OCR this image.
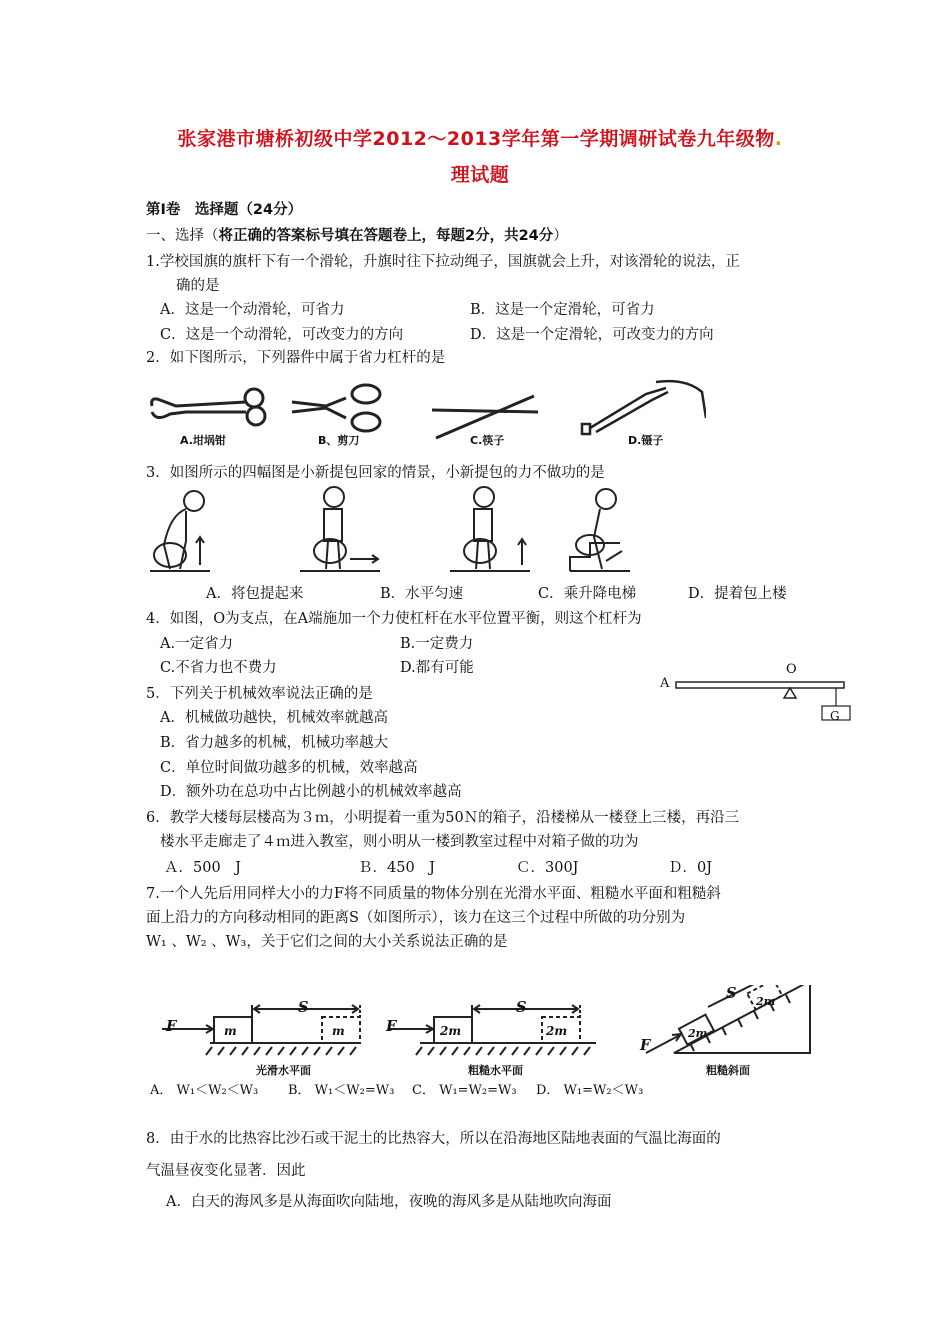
张家港市塘桥初级中学2012～2013学年第一学期调研试卷九年级物.
理试题
第Ⅰ卷　选择题（24分）
一、选择（将正确的答案标号填在答题卷上，每题2分，共24分）
1.学校国旗的旗杆下有一个滑轮，升旗时往下拉动绳子，国旗就会上升，对该滑轮的说法，正
确的是
A．这是一个动滑轮，可省力	B．这是一个定滑轮，可省力
C．这是一个动滑轮，可改变力的方向	D．这是一个定滑轮，可改变力的方向
2．如下图所示，下列器件中属于省力杠杆的是
A.坩埚钳	B、剪刀	C.筷子	D.镊子
3．如图所示的四幅图是小新提包回家的情景，小新提包的力不做功的是
A．将包提起来	B．水平匀速	C．乘升降电梯	D．提着包上楼
4．如图，O为支点，在A端施加一个力使杠杆在水平位置平衡，则这个杠杆为
A.一定省力	B.一定费力
C.不省力也不费力	D.都有可能
A
O
G
5．下列关于机械效率说法正确的是
A．机械做功越快，机械效率就越高
B．省力越多的机械，机械功率越大
C．单位时间做功越多的机械，效率越高
D．额外功在总功中占比例越小的机械效率越高
6．教学大楼每层楼高为３ｍ，小明提着一重为50Ｎ的箱子，沿楼梯从一楼登上三楼，再沿三
楼水平走廊走了４ｍ进入教室，则小明从一楼到教室过程中对箱子做的功为
Ａ．500　J	Ｂ．450　J	Ｃ．300J	Ｄ．0J
7.一个人先后用同样大小的力F将不同质量的物体分别在光滑水平面、粗糙水平面和粗糙斜
面上沿力的方向移动相同的距离S（如图所示），该力在这三个过程中所做的功分别为
W₁ 、W₂ 、W₃，关于它们之间的大小关系说法正确的是
F
S
m	m	F
S
2m	2m
F
S
2m
2m
光滑水平面	粗糙水平面	粗糙斜面
A． W₁＜W₂＜W₃ B． W₁＜W₂=W₃ C． W₁=W₂=W₃ D． W₁=W₂＜W₃
8．由于水的比热容比沙石或干泥土的比热容大，所以在沿海地区陆地表面的气温比海面的
气温昼夜变化显著．因此
A．白天的海风多是从海面吹向陆地，夜晚的海风多是从陆地吹向海面
